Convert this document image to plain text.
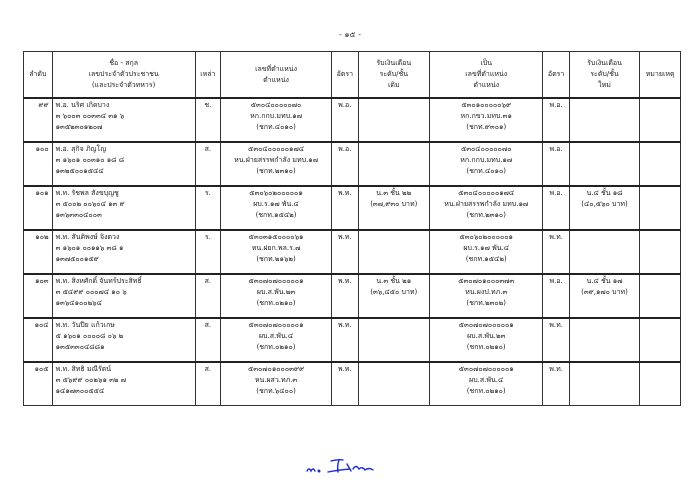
- ๑๕ -
ลำดับ	ชื่อ - สกุล
เลขประจำตัวประชาชน
(และประจำตัวทหาร)	เหล่า	เลขที่ตำแหน่ง
ตำแหน่ง	อัตรา	รับเงินเดือน
ระดับ/ชั้น
เดิม	เป็น
เลขที่ตำแหน่ง
ตำแหน่ง	อัตรา	รับเงินเดือน
ระดับ/ชั้น
ใหม่	หมายเหตุ
๙๙	พ.อ. นริศ เกิดบาง
๓ ๖๐๐๓ ๐๐๓๓๔ ๓๑ ๖
๑๓๕๒๓๐๑๒๐๗	ช.	๕๓๐๔๐๐๐๐๐๗๐
หก.กกบ.มทบ.๑๗
(ชกท.๔๐๑๐)	พ.อ.		๕๓๐๑๐๐๐๐๐๖๙
หก.กขว.มทบ.๓๑
(ชกท.๙๓๐๑)	พ.อ.	

๑๐๐	พ.อ. สุกิจ ภิญโญ
๓ ๑๖๐๑ ๐๐๓๑๐ ๑๘ ๘
๑๓๒๕๐๐๑๕๔๔	ส.	๕๓๐๔๐๐๐๐๐๑๗๔
หน.ฝ่ายสรรพกำลัง มทบ.๑๗
(ชกท.๒๓๑๐)	พ.อ.		๕๓๐๔๐๐๐๐๐๗๐
หก.กกบ.มทบ.๑๗
(ชกท.๔๐๑๐)	พ.อ.	

๑๐๑	พ.ท. รัชพล สังขบุญชู
๓ ๕๐๐๒ ๐๐๖๐๔ ๑๓ ๙
๑๓๖๓๓๐๔๐๐๓	ร.	๕๓๐๖๐๒๐๐๐๐๐๑
ผบ.ร.๑๗ พัน.๔
(ชกท.๑๕๔๒)	พ.ท.	น.๓ ชั้น ๒๒
(๓๗,๙๓๐ บาท)	๕๓๐๔๐๐๐๐๐๑๗๔
หน.ฝ่ายสรรพกำลัง มทบ.๑๗
(ชกท.๒๓๑๐)	พ.อ.	น.๔ ชั้น ๑๘
(๔๐,๕๖๐ บาท)	

๑๐๒	พ.ท. สันติพงษ์ จิงตวง
๓ ๑๖๐๑ ๐๐๑๑๖ ๓๘ ๑
๑๓๗๕๐๐๑๕๙	ร.	๕๓๐๓๑๕๐๐๐๐๖๑
หน.ฝยก.พล.ร.๗
(ชกท.๒๑๖๒)	พ.ท.		๕๓๐๖๐๒๐๐๐๐๐๑
ผบ.ร.๑๗ พัน.๔
(ชกท.๑๕๔๒)	พ.ท.	

๑๐๓	พ.ท. สิงหศักดิ์ จันทร์ประสิทธิ์
๓ ๕๔๙๙ ๐๐๐๗๔ ๑๐ ๖
๑๓๖๔๑๐๐๒๖๔	ส.	๕๓๐๗๐๗๐๐๐๐๐๑
ผบ.ส.พัน.๒๓
(ชกท.๐๒๑๐)	พ.ท.	น.๓ ชั้น ๒๑
(๓๖,๔๕๐ บาท)	๕๓๐๗๐๑๐๐๐๓๗๓
หน.ผงป.ทภ.๓
(ชกท.๒๓๐๒)	พ.อ.	น.๔ ชั้น ๑๗
(๓๙,๑๗๐ บาท)	

๑๐๔	พ.ท. วันปีย แก้วเกษ
๕ ๑๖๐๑ ๐๐๐๐๘ ๐๖ ๒
๑๓๕๓๓๐๔๘๘๑	ส.	๕๓๐๗๐๗๐๐๐๐๐๑
ผบ.ส.พัน.๔
(ชกท.๐๒๑๐)	พ.ท.		๕๓๐๗๐๗๐๐๐๐๐๑
ผบ.ส.พัน.๒๓
(ชกท.๐๒๑๐)	พ.ท.	

๑๐๕	พ.ท. สิทธิ มณีรัตน์
๓ ๕๖๙๙ ๐๐๒๖๑ ๓๒ ๗
๑๔๑๗๓๐๐๕๕๔	ส.	๕๓๐๗๐๑๐๐๐๓๙๙
หน.ผสว.ทภ.๓
(ชกท.๖๔๐๐)	พ.ท.		๕๓๐๗๐๗๐๐๐๐๐๑
ผบ.ส.พัน.๔
(ชกท.๐๒๑๐)	พ.ท.	
